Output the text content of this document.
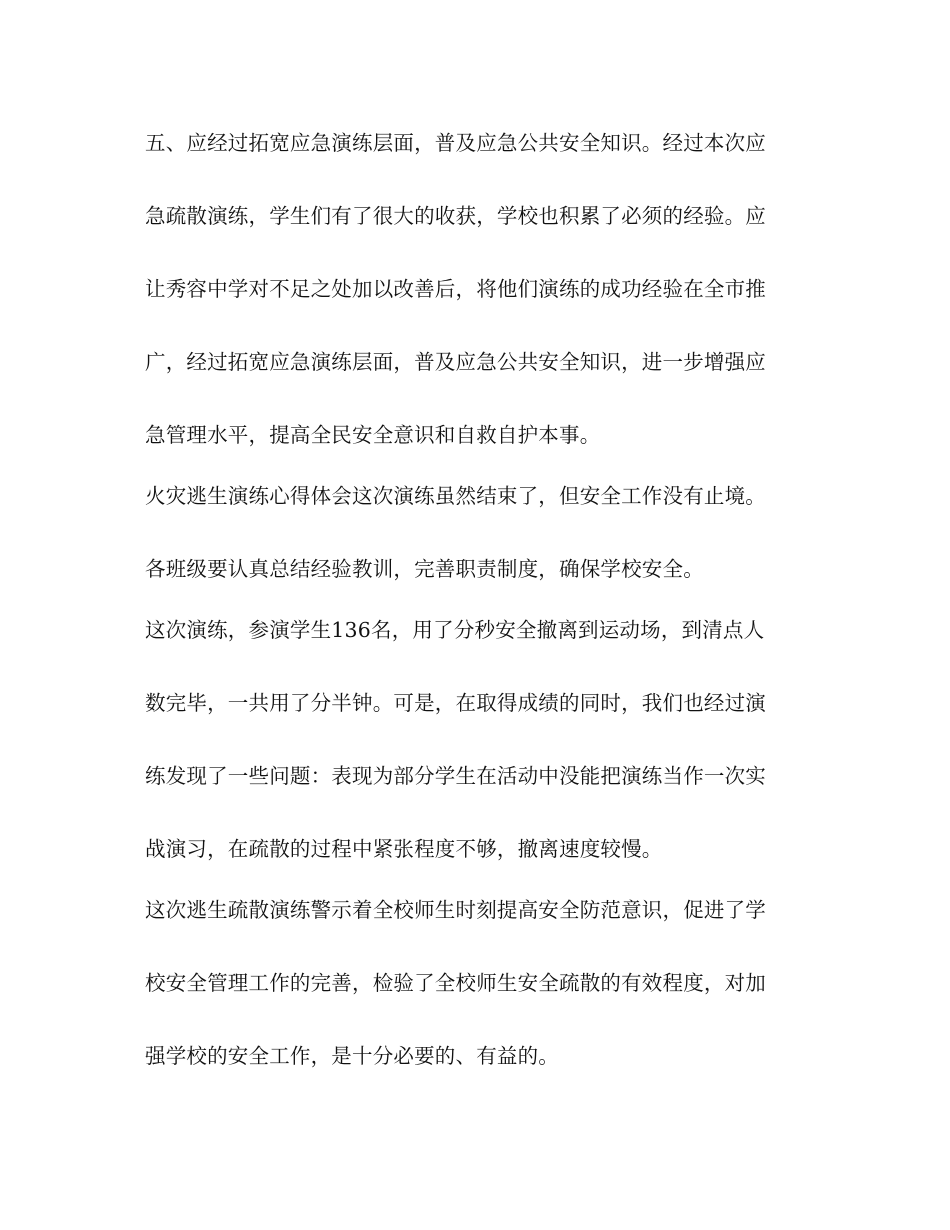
五、应经过拓宽应急演练层面，普及应急公共安全知识。经过本次应
急疏散演练，学生们有了很大的收获，学校也积累了必须的经验。应
让秀容中学对不足之处加以改善后，将他们演练的成功经验在全市推
广，经过拓宽应急演练层面，普及应急公共安全知识，进一步增强应
急管理水平，提高全民安全意识和自救自护本事。
火灾逃生演练心得体会这次演练虽然结束了，但安全工作没有止境。
各班级要认真总结经验教训，完善职责制度，确保学校安全。
这次演练，参演学生136名，用了分秒安全撤离到运动场，到清点人
数完毕，一共用了分半钟。可是，在取得成绩的同时，我们也经过演
练发现了一些问题：表现为部分学生在活动中没能把演练当作一次实
战演习，在疏散的过程中紧张程度不够，撤离速度较慢。
这次逃生疏散演练警示着全校师生时刻提高安全防范意识，促进了学
校安全管理工作的完善，检验了全校师生安全疏散的有效程度，对加
强学校的安全工作，是十分必要的、有益的。
